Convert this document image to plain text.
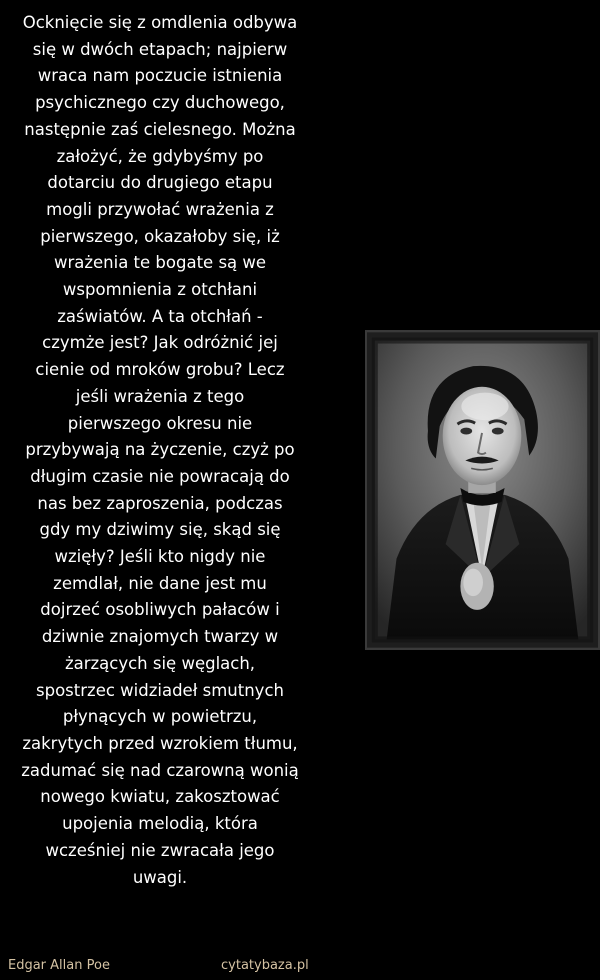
Ocknięcie się z omdlenia odbywa
się w dwóch etapach; najpierw
wraca nam poczucie istnienia
psychicznego czy duchowego,
następnie zaś cielesnego. Można
założyć, że gdybyśmy po
dotarciu do drugiego etapu
mogli przywołać wrażenia z
pierwszego, okazałoby się, iż
wrażenia te bogate są we
wspomnienia z otchłani
zaświatów. A ta otchłań -
czymże jest? Jak odróżnić jej
cienie od mroków grobu? Lecz
jeśli wrażenia z tego
pierwszego okresu nie
przybywają na życzenie, czyż po
długim czasie nie powracają do
nas bez zaproszenia, podczas
gdy my dziwimy się, skąd się
wzięły? Jeśli kto nigdy nie
zemdlał, nie dane jest mu
dojrzeć osobliwych pałaców i
dziwnie znajomych twarzy w
żarzących się węglach,
spostrzec widziadeł smutnych
płynących w powietrzu,
zakrytych przed wzrokiem tłumu,
zadumać się nad czarowną wonią
nowego kwiatu, zakosztować
upojenia melodią, która
wcześniej nie zwracała jego
uwagi.

Edgar Allan Poe	cytatybaza.pl
